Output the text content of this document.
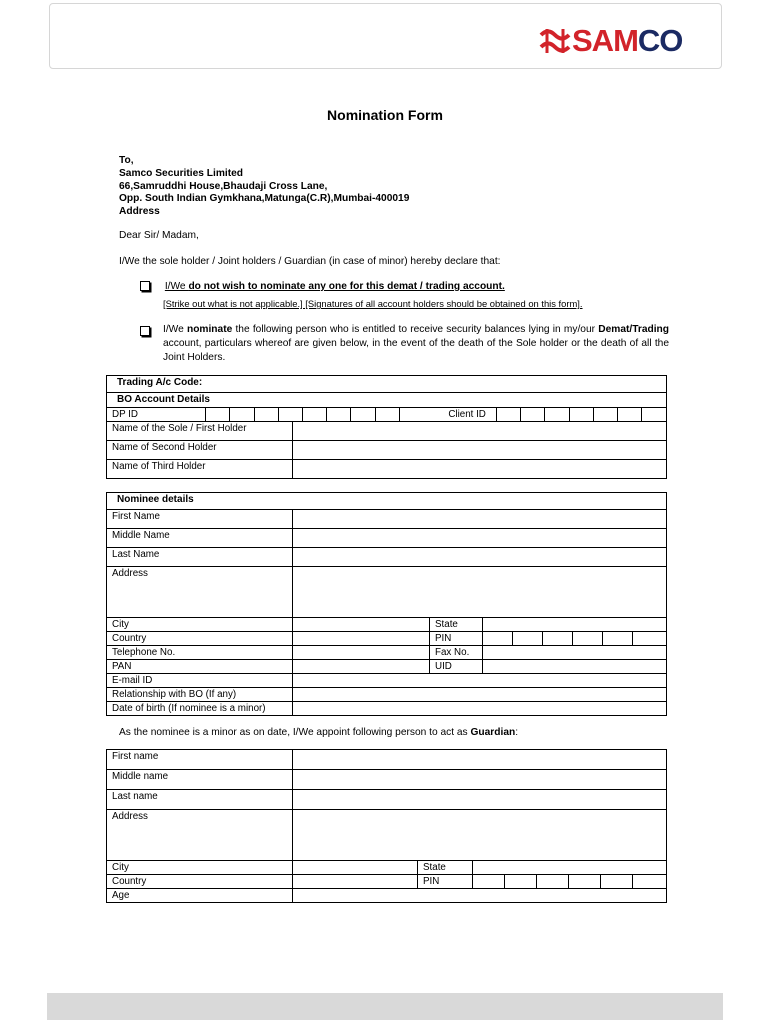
SAMCO
Nomination Form
To,
Samco Securities Limited
66,Samruddhi House,Bhaudaji Cross Lane,
Opp. South Indian Gymkhana,Matunga(C.R),Mumbai-400019
Address
Dear Sir/ Madam,
I/We the sole holder / Joint holders / Guardian (in case of minor) hereby declare that:
I/We do not wish to nominate any one for this demat / trading account.
[Strike out what is not applicable.] [Signatures of all account holders should be obtained on this form].
I/We nominate the following person who is entitled to receive security balances lying in my/our Demat/Trading account, particulars whereof are given below, in the event of the death of the Sole holder or the death of all the Joint Holders.
Trading A/c Code:
BO Account Details
DP ID									Client ID							
Name of the Sole / First Holder	
Name of Second Holder	
Name of Third Holder	
Nominee details								
First Name								
Middle Name								
Last Name								
Address								
City		State						
Country		PIN						
Telephone No.		Fax No.						
PAN		UID						
E-mail ID								
Relationship with BO (If any)								
Date of birth (If nominee is a minor)								
As the nominee is a minor as on date, I/We appoint following person to act as Guardian:
First name								
Middle name								
Last name								
Address								
City		State						
Country		PIN						
Age								
